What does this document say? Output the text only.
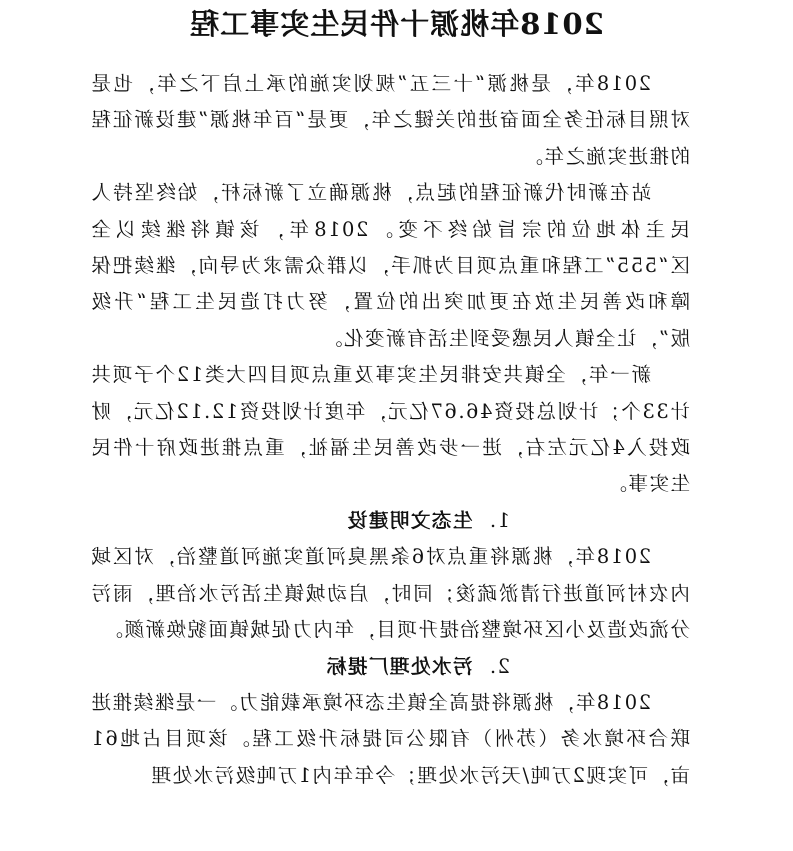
2018年桃源十件民生实事工程

2018年，是桃源“十三五”规划实施的承上启下之年，也是对照目标任务全面奋进的关键之年，更是“百年桃源”建设新征程的推进实施之年。

站在新时代新征程的起点，桃源确立了新标杆，始终坚持人民主体地位的宗旨始终不变。2018年，该镇将继续以全区“555”工程和重点项目为抓手，以群众需求为导向，继续把保障和改善民生放在更加突出的位置，努力打造民生工程“升级版”，让全镇人民感受到生活有新变化。

新一年，全镇共安排民生实事及重点项目四大类12个子项共计33个；计划总投资46.67亿元，年度计划投资12.12亿元，财政投入4亿元左右，进一步改善民生福祉，重点推进政府十件民生实事。

1.生态文明建设

2018年，桃源将重点对6条黑臭河道实施河道整治，对区域内农村河道进行清淤疏浚；同时，启动城镇生活污水治理，雨污分流改造及小区环境整治提升项目，年内力促城镇面貌焕新颜。

2.污水处理厂提标

2018年，桃源将提高全镇生态环境承载能力。一是继续推进联合环境水务（苏州）有限公司提标升级工程。该项目占地61亩，可实现2万吨/天污水处理；今年年内1万吨级污水处理
